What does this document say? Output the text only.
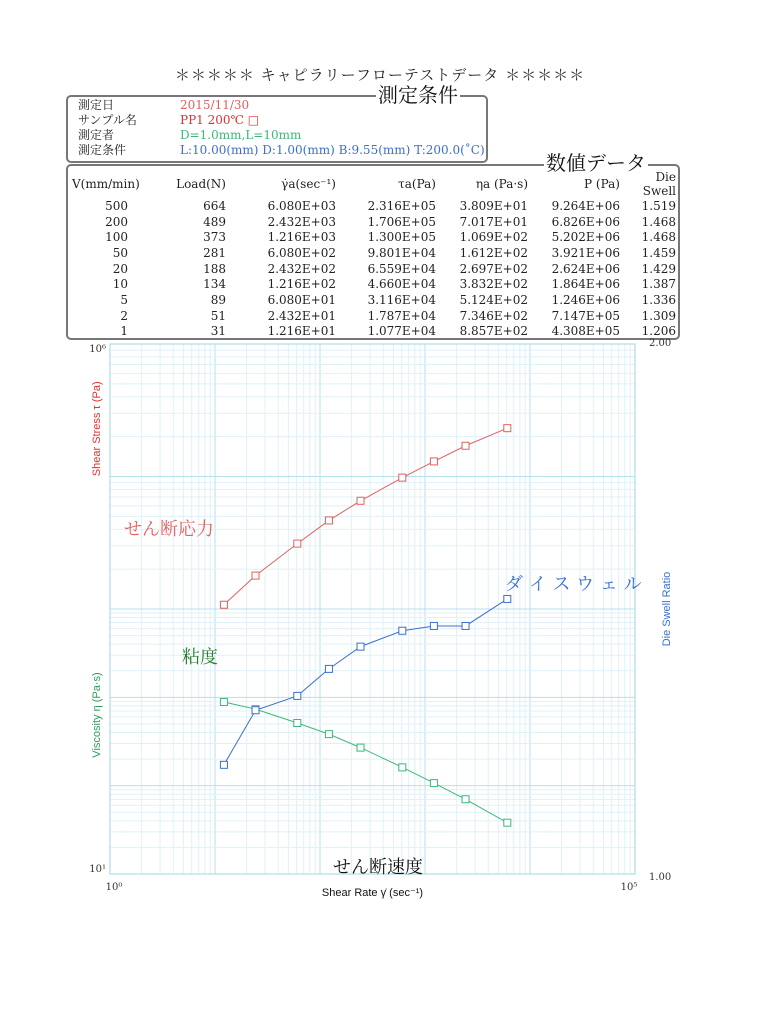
＊＊＊＊＊ キャピラリーフローテストデータ ＊＊＊＊＊
測定日	2015/11/30
サンプル名	PP1 200℃ □
測定者	D=1.0mm,L=10mm
測定条件	L:10.00(mm) D:1.00(mm) B:9.55(mm) T:200.0(˚C)
測定条件
V(mm/min)	Load(N)	γ̇a(sec⁻¹)	τa(Pa)	ηa (Pa·s)	P (Pa)	Die Swell
500	664	6.080E+03	2.316E+05	3.809E+01	9.264E+06	1.519
200	489	2.432E+03	1.706E+05	7.017E+01	6.826E+06	1.468
100	373	1.216E+03	1.300E+05	1.069E+02	5.202E+06	1.468
50	281	6.080E+02	9.801E+04	1.612E+02	3.921E+06	1.459
20	188	2.432E+02	6.559E+04	2.697E+02	2.624E+06	1.429
10	134	1.216E+02	4.660E+04	3.832E+02	1.864E+06	1.387
5	89	6.080E+01	3.116E+04	5.124E+02	1.246E+06	1.336
2	51	2.432E+01	1.787E+04	7.346E+02	7.147E+05	1.309
1	31	1.216E+01	1.077E+04	8.857E+02	4.308E+05	1.206
数値データ
10⁶
10¹
2.00
1.00
10⁰	10⁵
Shear Rate γ̇ (sec⁻¹)
Shear Stress τ (Pa)
Viscosity η (Pa·s)
Die Swell Ratio
せん断応力
粘度
ダ イ ス ウ ェ ル
せん断速度
